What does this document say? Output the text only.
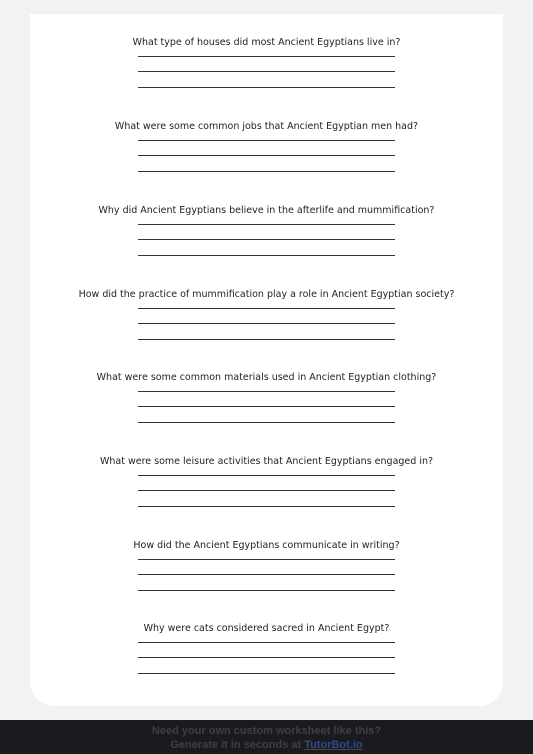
What type of houses did most Ancient Egyptians live in?

What were some common jobs that Ancient Egyptian men had?

Why did Ancient Egyptians believe in the afterlife and mummification?

How did the practice of mummification play a role in Ancient Egyptian society?

What were some common materials used in Ancient Egyptian clothing?

What were some leisure activities that Ancient Egyptians engaged in?

How did the Ancient Egyptians communicate in writing?

Why were cats considered sacred in Ancient Egypt?

Need your own custom worksheet like this?
Generate it in seconds at TutorBot.io
